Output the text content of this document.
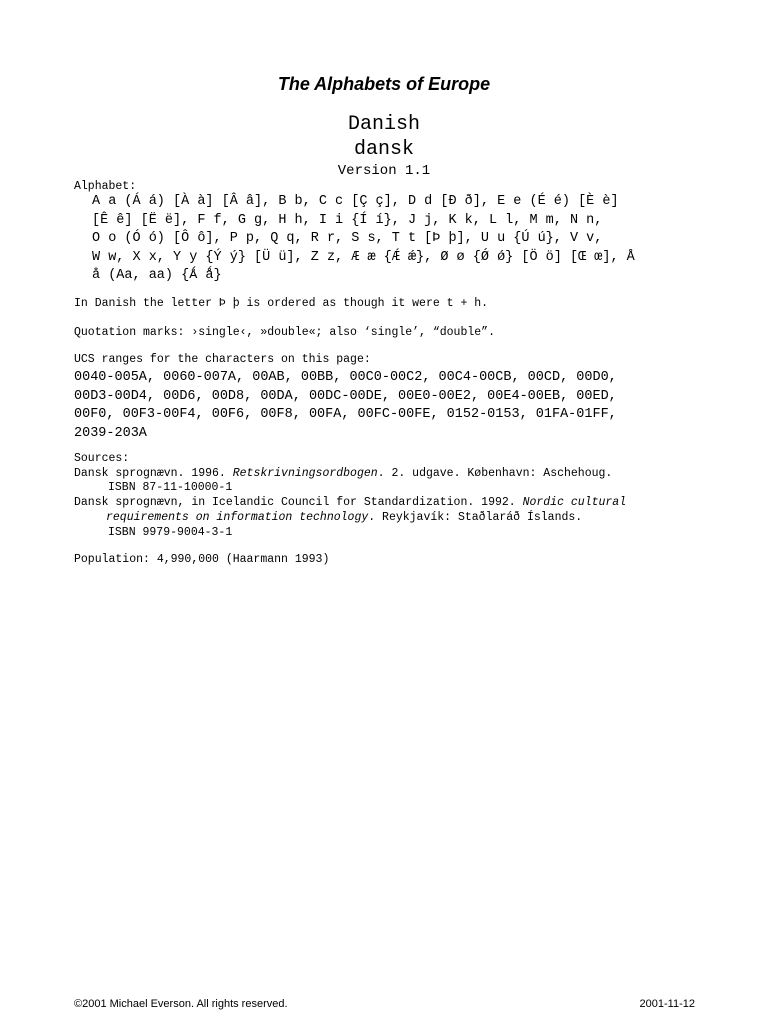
The Alphabets of Europe
Danish
dansk
Version 1.1
Alphabet:
A a (Á á) [À à] [Â â], B b, C c [Ç ç], D d [Ð ð], E e (É é) [È è]
[Ê ê] [Ë ë], F f, G g, H h, I i {Í í}, J j, K k, L l, M m, N n,
O o (Ó ó) [Ô ô], P p, Q q, R r, S s, T t [Þ þ], U u {Ú ú}, V v,
W w, X x, Y y {Ý ý} [Ü ü], Z z, Æ æ {Ǽ ǽ}, Ø ø {Ǿ ǿ} [Ö ö] [Œ œ], Å
å (Aa, aa) {Ǻ ǻ}
In Danish the letter Þ þ is ordered as though it were t + h.
Quotation marks: ›single‹, »double«; also ‘single’, “double”.
UCS ranges for the characters on this page:
0040-005A, 0060-007A, 00AB, 00BB, 00C0-00C2, 00C4-00CB, 00CD, 00D0,
00D3-00D4, 00D6, 00D8, 00DA, 00DC-00DE, 00E0-00E2, 00E4-00EB, 00ED,
00F0, 00F3-00F4, 00F6, 00F8, 00FA, 00FC-00FE, 0152-0153, 01FA-01FF,
2039-203A
Sources:
Dansk sprognævn. 1996. Retskrivningsordbogen. 2. udgave. København: Aschehoug.
ISBN 87-11-10000-1
Dansk sprognævn, in Icelandic Council for Standardization. 1992. Nordic cultural
requirements on information technology. Reykjavík: Staðlaráð Íslands.
ISBN 9979-9004-3-1
Population: 4,990,000 (Haarmann 1993)
©2001 Michael Everson. All rights reserved.	2001-11-12
